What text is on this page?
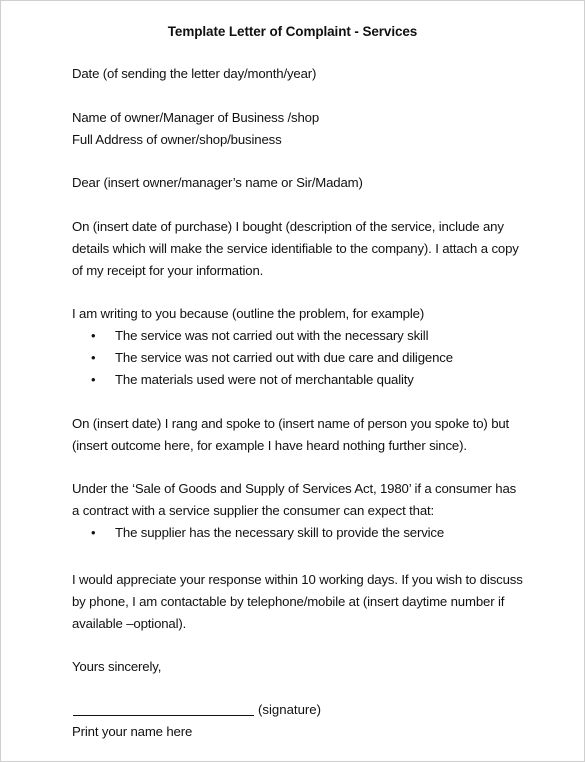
Template Letter of Complaint - Services
Date (of sending the letter day/month/year)
Name of owner/Manager of Business /shop
Full Address of owner/shop/business
Dear (insert owner/manager’s name or Sir/Madam)
On (insert date of purchase) I bought (description of the service, include any
details which will make the service identifiable to the company). I attach a copy
of my receipt for your information.
I am writing to you because (outline the problem, for example)
• The service was not carried out with the necessary skill
• The service was not carried out with due care and diligence
• The materials used were not of merchantable quality
On (insert date) I rang and spoke to (insert name of person you spoke to) but
(insert outcome here, for example I have heard nothing further since).
Under the ‘Sale of Goods and Supply of Services Act, 1980’ if a consumer has
a contract with a service supplier the consumer can expect that:
• The supplier has the necessary skill to provide the service
I would appreciate your response within 10 working days. If you wish to discuss
by phone, I am contactable by telephone/mobile at (insert daytime number if
available –optional).
Yours sincerely,
(signature)
Print your name here
